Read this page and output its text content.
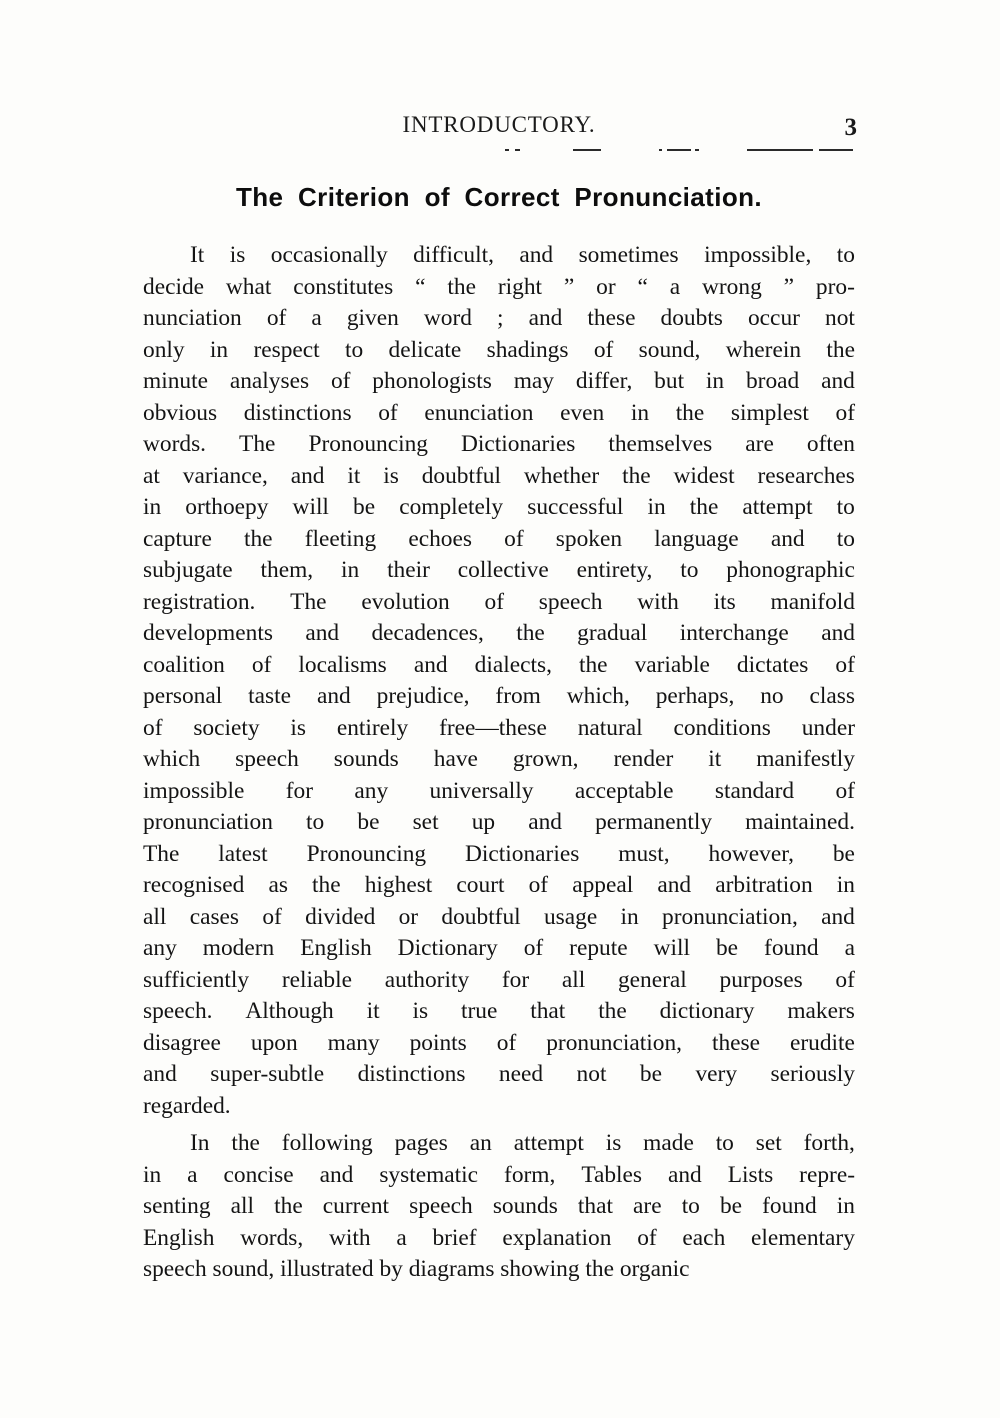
INTRODUCTORY.	3
The Criterion of Correct Pronunciation.
It is occasionally difficult, and sometimes impossible, to
decide what constitutes “ the right ” or “ a wrong ” pro-
nunciation of a given word ; and these doubts occur not
only in respect to delicate shadings of sound, wherein the
minute analyses of phonologists may differ, but in broad and
obvious distinctions of enunciation even in the simplest of
words. The Pronouncing Dictionaries themselves are often
at variance, and it is doubtful whether the widest researches
in orthoepy will be completely successful in the attempt to
capture the fleeting echoes of spoken language and to
subjugate them, in their collective entirety, to phonographic
registration. The evolution of speech with its manifold
developments and decadences, the gradual interchange and
coalition of localisms and dialects, the variable dictates of
personal taste and prejudice, from which, perhaps, no class
of society is entirely free—these natural conditions under
which speech sounds have grown, render it manifestly
impossible for any universally acceptable standard of
pronunciation to be set up and permanently maintained.
The latest Pronouncing Dictionaries must, however, be
recognised as the highest court of appeal and arbitration in
all cases of divided or doubtful usage in pronunciation, and
any modern English Dictionary of repute will be found a
sufficiently reliable authority for all general purposes of
speech. Although it is true that the dictionary makers
disagree upon many points of pronunciation, these erudite
and super-subtle distinctions need not be very seriously
regarded.
In the following pages an attempt is made to set forth,
in a concise and systematic form, Tables and Lists repre-
senting all the current speech sounds that are to be found in
English words, with a brief explanation of each elementary
speech sound, illustrated by diagrams showing the organic
